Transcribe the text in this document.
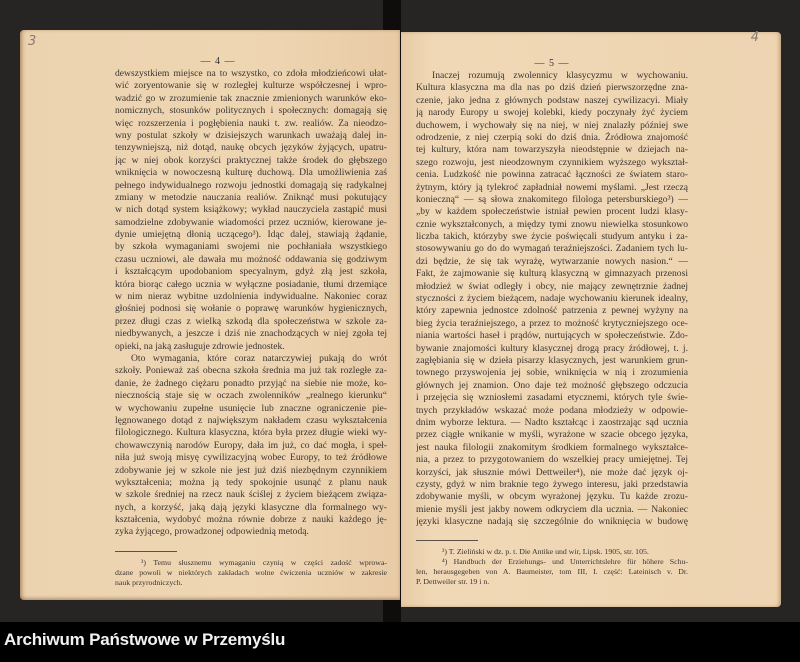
3
— 4 —
dewszystkiem miejsce na to wszystko, co zdoła młodzieńcowi ułat-
wić zoryentowanie się w rozległej kulturze współczesnej i wpro-
wadzić go w zrozumienie tak znacznie zmienionych warunków eko-
nomicznych, stosunków politycznych i społecznych: domagają się
więc rozszerzenia i pogłębienia nauki t. zw. realiów. Za nieodzo-
wny postulat szkoły w dzisiejszych warunkach uważają dalej in-
tenzywniejszą, niż dotąd, naukę obcych języków żyjących, upatru-
jąc w niej obok korzyści praktycznej także środek do głębszego
wniknięcia w nowoczesną kulturę duchową. Dla umożliwienia zaś
pełnego indywidualnego rozwoju jednostki domagają się radykalnej
zmiany w metodzie nauczania realiów. Zniknąć musi pokutujący
w nich dotąd system książkowy; wykład nauczyciela zastąpić musi
samodzielne zdobywanie wiadomości przez uczniów, kierowane je-
dynie umiejętną dłonią uczącego³). Idąc dalej, stawiają żądanie,
by szkoła wymaganiami swojemi nie pochłaniała wszystkiego
czasu uczniowi, ale dawała mu możność oddawania się godziwym
i kształcącym upodobaniom specyalnym, gdyż złą jest szkoła,
która biorąc całego ucznia w wyłączne posiadanie, tłumi drzemiące
w nim nieraz wybitne uzdolnienia indywidualne. Nakoniec coraz
głośniej podnosi się wołanie o poprawę warunków hygienicznych,
przez długi czas z wielką szkodą dla społeczeństwa w szkole za-
niedbywanych, a jeszcze i dziś nie znachodzących w niej zgoła tej
opieki, na jaką zasługuje zdrowie jednostek.
Oto wymagania, które coraz natarczywiej pukają do wrót
szkoły. Ponieważ zaś obecna szkoła średnia ma już tak rozległe za-
danie, że żadnego ciężaru ponadto przyjąć na siebie nie może, ko-
niecznością staje się w oczach zwolenników „realnego kierunku“
w wychowaniu zupełne usunięcie lub znaczne ograniczenie pie-
lęgnowanego dotąd z największym nakładem czasu wykształcenia
filologicznego. Kultura klasyczna, która była przez długie wieki wy-
chowawczynią narodów Europy, dała im już, co dać mogła, i speł-
niła już swoją misyę cywilizacyjną wobec Europy, to też źródłowe
zdobywanie jej w szkole nie jest już dziś niezbędnym czynnikiem
wykształcenia; można ją tedy spokojnie usunąć z planu nauk
w szkole średniej na rzecz nauk ściślej z życiem bieżącem związa-
nych, a korzyść, jaką dają języki klasyczne dla formalnego wy-
kształcenia, wydobyć można równie dobrze z nauki każdego ję-
zyka żyjącego, prowadzonej odpowiednią metodą.
³) Temu słusznemu wymaganiu czynią w części zadość wprowa-
dzane powoli w niektórych zakładach wolne ćwiczenia uczniów w zakresie
nauk przyrodniczych.
4
— 5 —
Inaczej rozumują zwolennicy klasycyzmu w wychowaniu.
Kultura klasyczna ma dla nas po dziś dzień pierwszorzędne zna-
czenie, jako jedna z głównych podstaw naszej cywilizacyi. Miały
ją narody Europy u swojej kolebki, kiedy poczynały żyć życiem
duchowem, i wychowały się na niej, w niej znalazły później swe
odrodzenie, z niej czerpią soki do dziś dnia. Źródłowa znajomość
tej kultury, która nam towarzyszyła nieodstępnie w dziejach na-
szego rozwoju, jest nieodzownym czynnikiem wyższego wykształ-
cenia. Ludzkość nie powinna zatracać łączności ze światem staro-
żytnym, który ją tylekroć zapładniał nowemi myślami. „Jest rzeczą
konieczną“ — są słowa znakomitego filologa petersburskiego³) —
„by w każdem społeczeństwie istniał pewien procent ludzi klasy-
cznie wykształconych, a między tymi znowu niewielka stosunkowo
liczba takich, którzyby swe życie poświęcali studyum antyku i za-
stosowywaniu go do do wymagań teraźniejszości. Zadaniem tych lu-
dzi będzie, że się tak wyrażę, wytwarzanie nowych nasion.“ —
Fakt, że zajmowanie się kulturą klasyczną w gimnazyach przenosi
młodzież w świat odległy i obcy, nie mający zewnętrznie żadnej
styczności z życiem bieżącem, nadaje wychowaniu kierunek idealny,
który zapewnia jednostce zdolność patrzenia z pewnej wyżyny na
bieg życia teraźniejszego, a przez to możność krytyczniejszego oce-
niania wartości haseł i prądów, nurtujących w społeczeństwie. Zdo-
bywanie znajomości kultury klasycznej drogą pracy źródłowej, t. j.
zagłębiania się w dzieła pisarzy klasycznych, jest warunkiem grun-
townego przyswojenia jej sobie, wniknięcia w nią i zrozumienia
głównych jej znamion. Ono daje też możność głębszego odczucia
i przejęcia się wzniosłemi zasadami etycznemi, których tyle świe-
tnych przykładów wskazać może podana młodzieży w odpowie-
dnim wyborze lektura. — Nadto kształcąc i zaostrzając sąd ucznia
przez ciągłe wnikanie w myśli, wyrażone w szacie obcego języka,
jest nauka filologii znakomitym środkiem formalnego wykształce-
nia, a przez to przygotowaniem do wszelkiej pracy umiejętnej. Tej
korzyści, jak słusznie mówi Dettweiler⁴), nie może dać język oj-
czysty, gdyż w nim braknie tego żywego interesu, jaki przedstawia
zdobywanie myśli, w obcym wyrażonej języku. Tu każde zrozu-
mienie myśli jest jakby nowem odkryciem dla ucznia. — Nakoniec
języki klasyczne nadają się szczególnie do wniknięcia w budowę
³) T. Zieliński w dz. p. t. Die Antike und wir, Lipsk. 1905, str. 105.
⁴) Handbuch der Erziehungs- und Unterrichtslehre für höhere Schu-
len, herausgegeben von A. Baumeister, tom III, I. część: Lateinisch v. Dr.
P. Dettweiler str. 19 i n.
Archiwum Państwowe w Przemyślu
